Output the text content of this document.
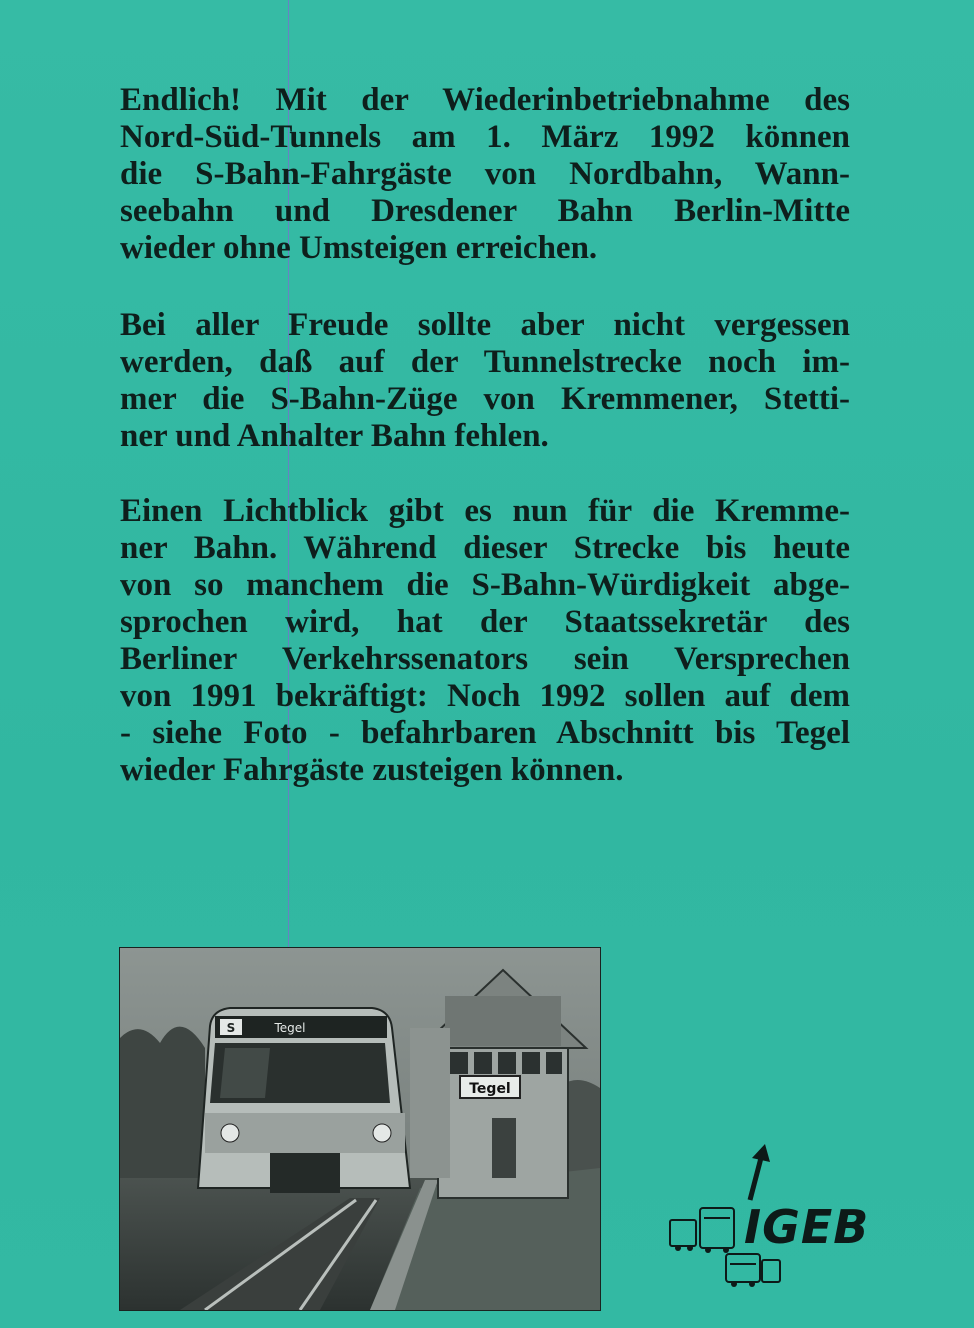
Endlich! Mit der Wiederinbetriebnahme des
Nord-Süd-Tunnels am 1. März 1992 können
die S-Bahn-Fahrgäste von Nordbahn, Wann-
seebahn und Dresdener Bahn Berlin-Mitte
wieder ohne Umsteigen erreichen.
Bei aller Freude sollte aber nicht vergessen
werden, daß auf der Tunnelstrecke noch im-
mer die S-Bahn-Züge von Kremmener, Stetti-
ner und Anhalter Bahn fehlen.
Einen Lichtblick gibt es nun für die Kremme-
ner Bahn. Während dieser Strecke bis heute
von so manchem die S-Bahn-Würdigkeit abge-
sprochen wird, hat der Staatssekretär des
Berliner Verkehrssenators sein Versprechen
von 1991 bekräftigt: Noch 1992 sollen auf dem
- siehe Foto - befahrbaren Abschnitt bis Tegel
wieder Fahrgäste zusteigen können.
Tegel
S	Tegel
IGEB
